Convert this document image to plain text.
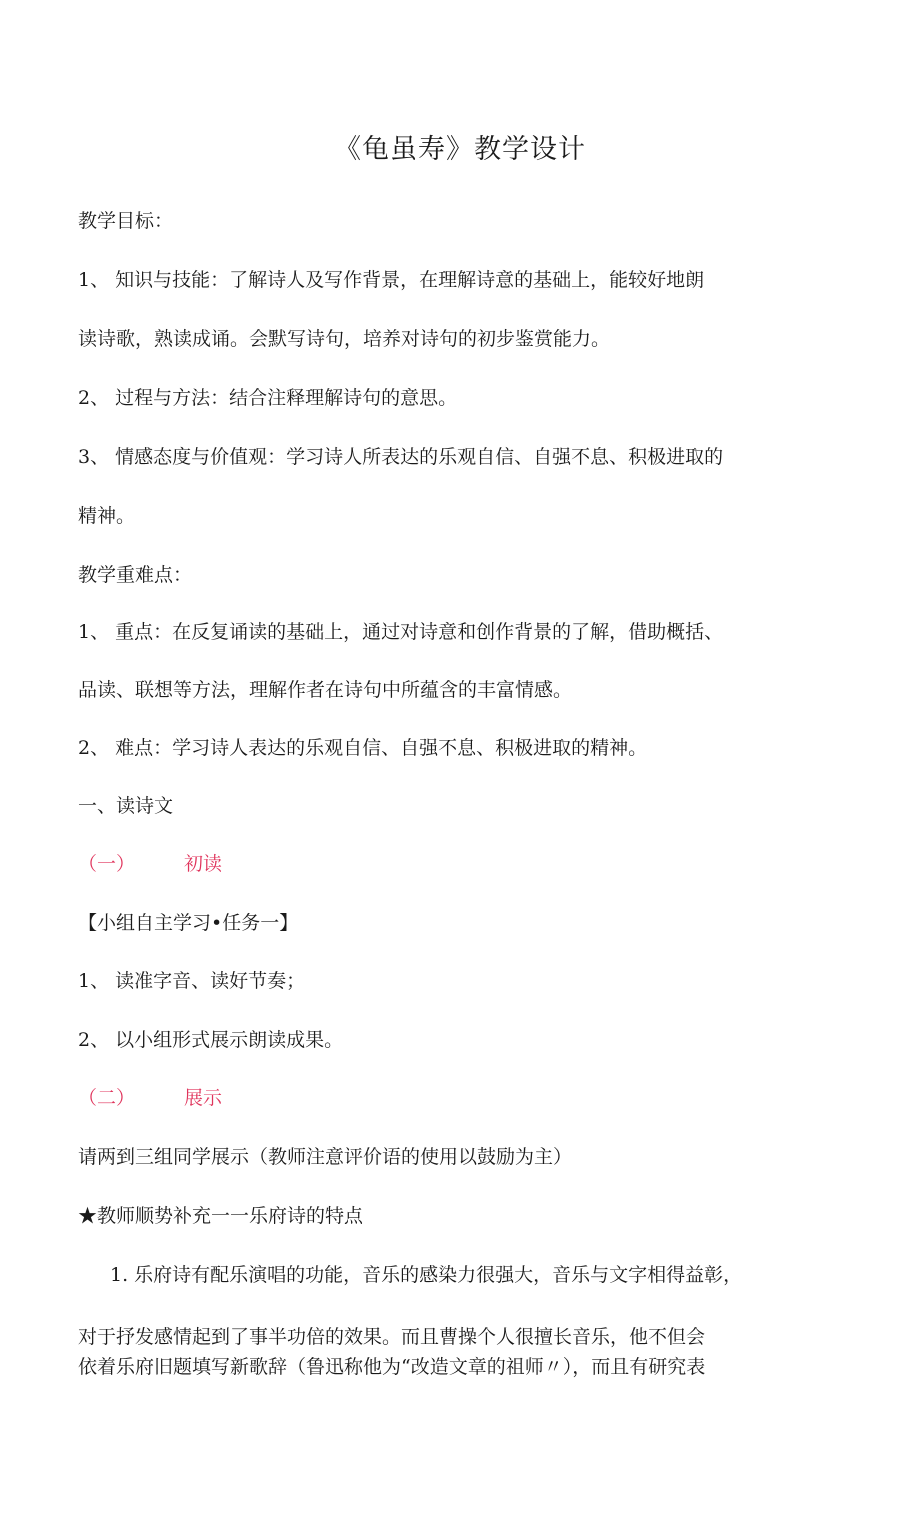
《龟虽寿》教学设计
教学目标：
1、 知识与技能：了解诗人及写作背景，在理解诗意的基础上，能较好地朗
读诗歌，熟读成诵。会默写诗句，培养对诗句的初步鉴赏能力。
2、 过程与方法：结合注释理解诗句的意思。
3、 情感态度与价值观：学习诗人所表达的乐观自信、自强不息、积极进取的
精神。
教学重难点：
1、 重点：在反复诵读的基础上，通过对诗意和创作背景的了解，借助概括、
品读、联想等方法，理解作者在诗句中所蕴含的丰富情感。
2、 难点：学习诗人表达的乐观自信、自强不息、积极进取的精神。
一、读诗文
（一）	初读
【小组自主学习•任务一】
1、 读准字音、读好节奏；
2、 以小组形式展示朗读成果。
（二）	展示
请两到三组同学展示（教师注意评价语的使用以鼓励为主）
★教师顺势补充一一乐府诗的特点
1. 乐府诗有配乐演唱的功能，音乐的感染力很强大，音乐与文字相得益彰，
对于抒发感情起到了事半功倍的效果。而且曹操个人很擅长音乐，他不但会
依着乐府旧题填写新歌辞（鲁迅称他为“改造文章的祖师〃），而且有研究表
